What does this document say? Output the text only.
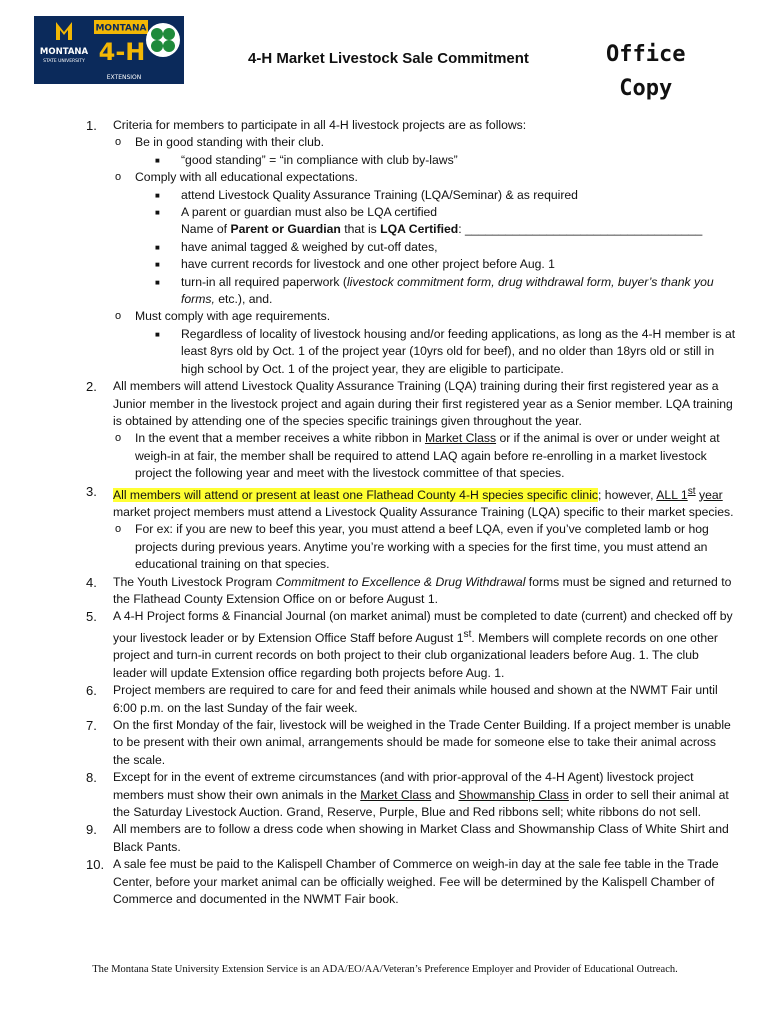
MONTANA
STATE UNIVERSITY
MONTANA
4-H
EXTENSION
4-H Market Livestock Sale Commitment	Office
Copy
1.	Criteria for members to participate in all 4-H livestock projects are as follows:
o Be in good standing with their club.
■ “good standing” = “in compliance with club by-laws”
o Comply with all educational expectations.
■ attend Livestock Quality Assurance Training (LQA/Seminar) & as required
■ A parent or guardian must also be LQA certified
Name of Parent or Guardian that is LQA Certified: ___________________________________
■ have animal tagged & weighed by cut-off dates,
■ have current records for livestock and one other project before Aug. 1
■ turn-in all required paperwork (livestock commitment form, drug withdrawal form, buyer’s thank you forms, etc.), and.
o Must comply with age requirements.
■ Regardless of locality of livestock housing and/or feeding applications, as long as the 4-H member is at least 8yrs old by Oct. 1 of the project year (10yrs old for beef), and no older than 18yrs old or still in high school by Oct. 1 of the project year, they are eligible to participate.
2.	All members will attend Livestock Quality Assurance Training (LQA) training during their first registered year as a Junior member in the livestock project and again during their first registered year as a Senior member. LQA training is obtained by attending one of the species specific trainings given throughout the year.
o In the event that a member receives a white ribbon in Market Class or if the animal is over or under weight at weigh-in at fair, the member shall be required to attend LAQ again before re-enrolling in a market livestock project the following year and meet with the livestock committee of that species.
3.	All members will attend or present at least one Flathead County 4-H species specific clinic; however, ALL 1st year market project members must attend a Livestock Quality Assurance Training (LQA) specific to their market species.
o For ex: if you are new to beef this year, you must attend a beef LQA, even if you’ve completed lamb or hog projects during previous years. Anytime you’re working with a species for the first time, you must attend an educational training on that species.
4.	The Youth Livestock Program Commitment to Excellence & Drug Withdrawal forms must be signed and returned to the Flathead County Extension Office on or before August 1.
5.	A 4-H Project forms & Financial Journal (on market animal) must be completed to date (current) and checked off by your livestock leader or by Extension Office Staff before August 1st. Members will complete records on one other project and turn-in current records on both project to their club organizational leaders before Aug. 1. The club leader will update Extension office regarding both projects before Aug. 1.
6.	Project members are required to care for and feed their animals while housed and shown at the NWMT Fair until 6:00 p.m. on the last Sunday of the fair week.
7.	On the first Monday of the fair, livestock will be weighed in the Trade Center Building. If a project member is unable to be present with their own animal, arrangements should be made for someone else to take their animal across the scale.
8.	Except for in the event of extreme circumstances (and with prior-approval of the 4-H Agent) livestock project members must show their own animals in the Market Class and Showmanship Class in order to sell their animal at the Saturday Livestock Auction. Grand, Reserve, Purple, Blue and Red ribbons sell; white ribbons do not sell.
9.	All members are to follow a dress code when showing in Market Class and Showmanship Class of White Shirt and Black Pants.
10. A sale fee must be paid to the Kalispell Chamber of Commerce on weigh-in day at the sale fee table in the Trade Center, before your market animal can be officially weighed. Fee will be determined by the Kalispell Chamber of Commerce and documented in the NWMT Fair book.
The Montana State University Extension Service is an ADA/EO/AA/Veteran’s Preference Employer and Provider of Educational Outreach.
